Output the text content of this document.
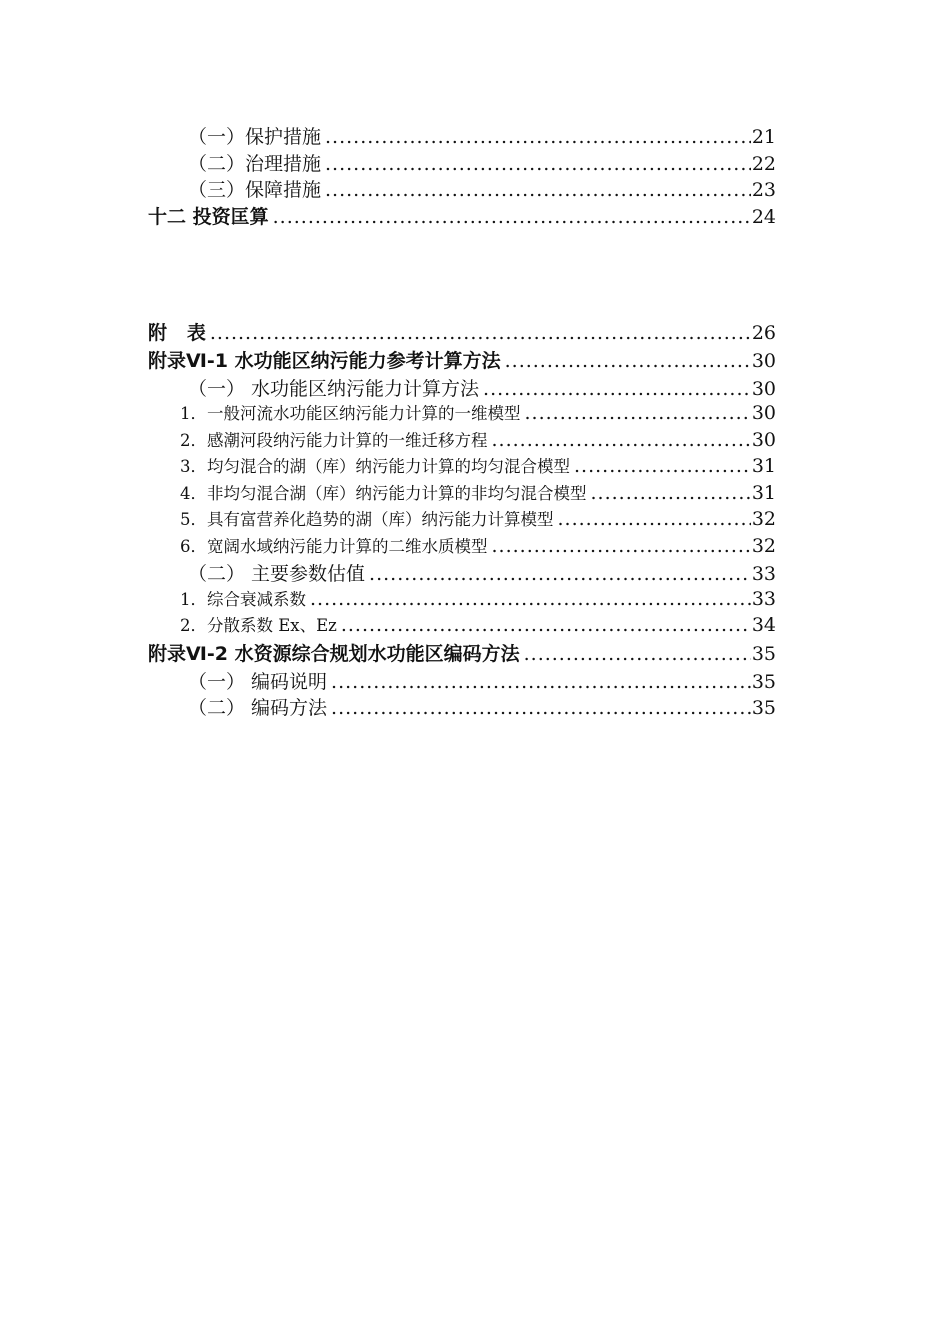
（一）保护措施 .....	21
（二）治理措施 .....	22
（三）保障措施 .....	23
十二 投资匡算 .....	24
附   表 .....	26
附录Ⅵ-1 水功能区纳污能力参考计算方法 .....	30
（一） 水功能区纳污能力计算方法 .....	30
1．一般河流水功能区纳污能力计算的一维模型 .....	30
2．感潮河段纳污能力计算的一维迁移方程 .....	30
3．均匀混合的湖（库）纳污能力计算的均匀混合模型 .....	31
4．非均匀混合湖（库）纳污能力计算的非均匀混合模型 .....	31
5．具有富营养化趋势的湖（库）纳污能力计算模型 .....	32
6．宽阔水域纳污能力计算的二维水质模型 .....	32
（二） 主要参数估值 .....	33
1．综合衰减系数 .....	33
2．分散系数 Ex、Ez .....	34
附录Ⅵ-2 水资源综合规划水功能区编码方法 .....	35
（一） 编码说明 .....	35
（二） 编码方法 .....	35
